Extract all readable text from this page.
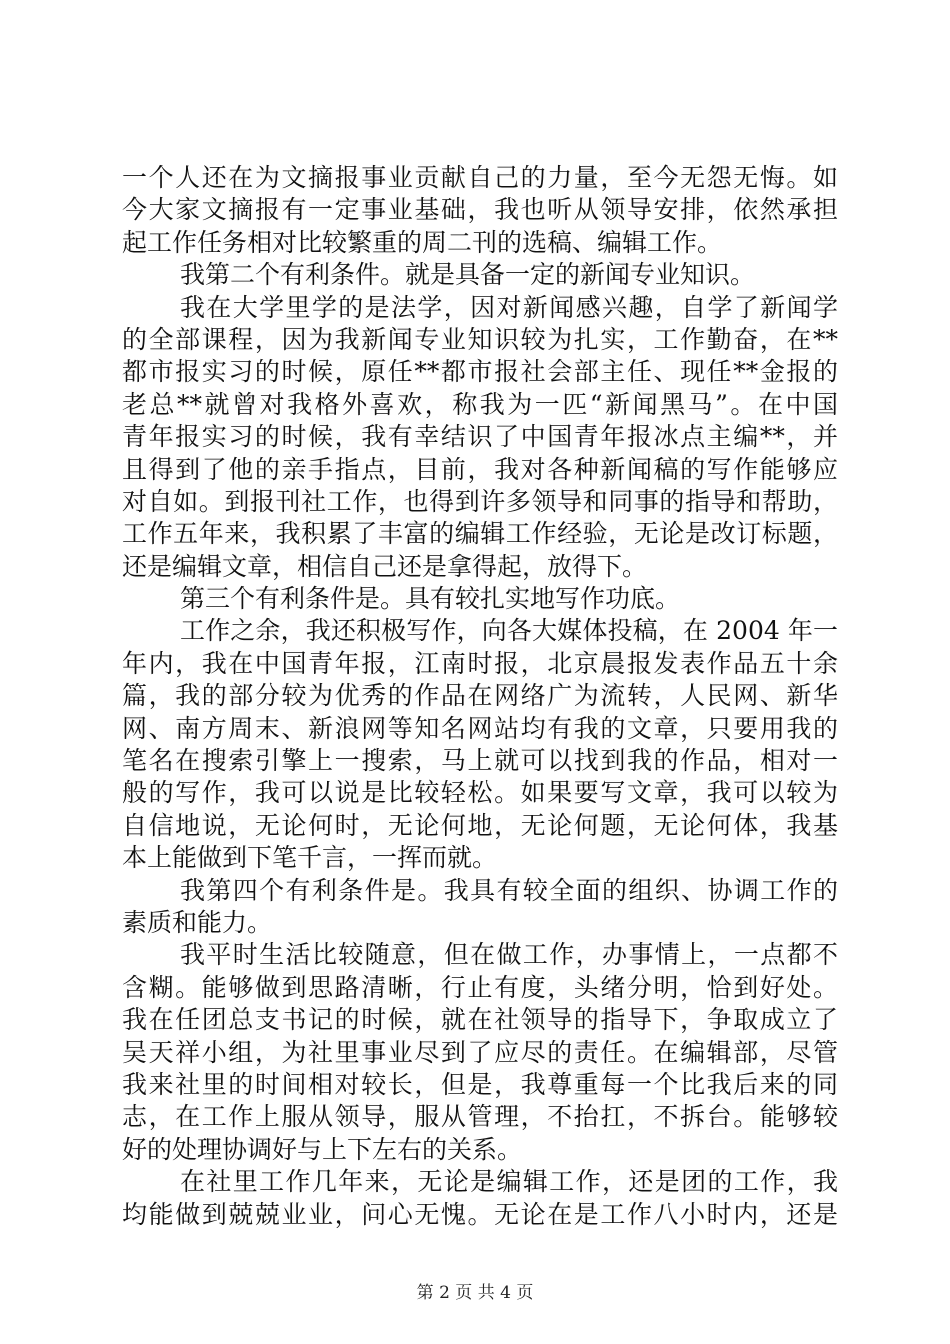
一个人还在为文摘报事业贡献自己的力量，至今无怨无悔。如
今大家文摘报有一定事业基础，我也听从领导安排，依然承担
起工作任务相对比较繁重的周二刊的选稿、编辑工作。
我第二个有利条件。就是具备一定的新闻专业知识。
我在大学里学的是法学，因对新闻感兴趣，自学了新闻学
的全部课程，因为我新闻专业知识较为扎实，工作勤奋，在**
都市报实习的时候，原任**都市报社会部主任、现任**金报的
老总**就曾对我格外喜欢，称我为一匹“新闻黑马”。在中国
青年报实习的时候，我有幸结识了中国青年报冰点主编**，并
且得到了他的亲手指点，目前，我对各种新闻稿的写作能够应
对自如。到报刊社工作，也得到许多领导和同事的指导和帮助，
工作五年来，我积累了丰富的编辑工作经验，无论是改订标题，
还是编辑文章，相信自己还是拿得起，放得下。
第三个有利条件是。具有较扎实地写作功底。
工作之余，我还积极写作，向各大媒体投稿，在 2004 年一
年内，我在中国青年报，江南时报，北京晨报发表作品五十余
篇，我的部分较为优秀的作品在网络广为流转，人民网、新华
网、南方周末、新浪网等知名网站均有我的文章，只要用我的
笔名在搜索引擎上一搜索，马上就可以找到我的作品，相对一
般的写作，我可以说是比较轻松。如果要写文章，我可以较为
自信地说，无论何时，无论何地，无论何题，无论何体，我基
本上能做到下笔千言，一挥而就。
我第四个有利条件是。我具有较全面的组织、协调工作的
素质和能力。
我平时生活比较随意，但在做工作，办事情上，一点都不
含糊。能够做到思路清晰，行止有度，头绪分明，恰到好处。
我在任团总支书记的时候，就在社领导的指导下，争取成立了
吴天祥小组，为社里事业尽到了应尽的责任。在编辑部，尽管
我来社里的时间相对较长，但是，我尊重每一个比我后来的同
志，在工作上服从领导，服从管理，不抬扛，不拆台。能够较
好的处理协调好与上下左右的关系。
在社里工作几年来，无论是编辑工作，还是团的工作，我
均能做到兢兢业业，问心无愧。无论在是工作八小时内，还是
第 2 页 共 4 页
